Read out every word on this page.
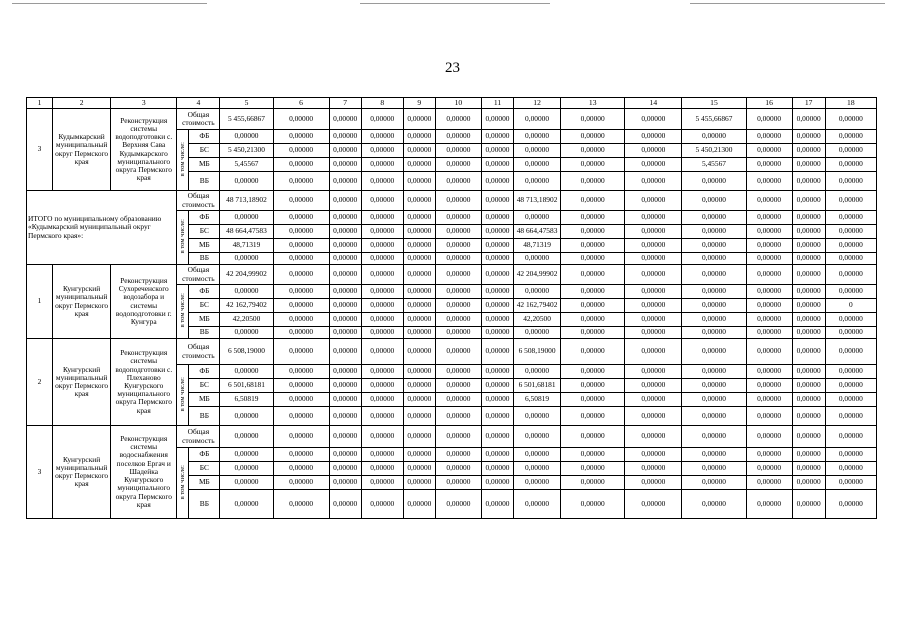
23
1	2	3	4		5	6	7	8	9	10	11	12	13	14	15	16	17	18
3	Кудымкарский муниципальный округ Пермского края	Реконструкция системы водоподготовки с. Верхняя Сава Кудымкарского муниципального округа Пермского края	Общая стоимость		5 455,66867	0,00000	0,00000	0,00000	0,00000	0,00000	0,00000	0,00000	0,00000	0,00000	5 455,66867	0,00000	0,00000	0,00000
			в том числе:	ФБ	0,00000	0,00000	0,00000	0,00000	0,00000	0,00000	0,00000	0,00000	0,00000	0,00000	0,00000	0,00000	0,00000	0,00000
				БС	5 450,21300	0,00000	0,00000	0,00000	0,00000	0,00000	0,00000	0,00000	0,00000	0,00000	5 450,21300	0,00000	0,00000	0,00000
				МБ	5,45567	0,00000	0,00000	0,00000	0,00000	0,00000	0,00000	0,00000	0,00000	0,00000	5,45567	0,00000	0,00000	0,00000
				ВБ	0,00000	0,00000	0,00000	0,00000	0,00000	0,00000	0,00000	0,00000	0,00000	0,00000	0,00000	0,00000	0,00000	0,00000
ИТОГО по муниципальному образованию «Кудымкарский муниципальный округ Пермского края»:			Общая стоимость		48 713,18902	0,00000	0,00000	0,00000	0,00000	0,00000	0,00000	48 713,18902	0,00000	0,00000	0,00000	0,00000	0,00000	0,00000
			в том числе:	ФБ	0,00000	0,00000	0,00000	0,00000	0,00000	0,00000	0,00000	0,00000	0,00000	0,00000	0,00000	0,00000	0,00000	0,00000
				БС	48 664,47583	0,00000	0,00000	0,00000	0,00000	0,00000	0,00000	48 664,47583	0,00000	0,00000	0,00000	0,00000	0,00000	0,00000
				МБ	48,71319	0,00000	0,00000	0,00000	0,00000	0,00000	0,00000	48,71319	0,00000	0,00000	0,00000	0,00000	0,00000	0,00000
				ВБ	0,00000	0,00000	0,00000	0,00000	0,00000	0,00000	0,00000	0,00000	0,00000	0,00000	0,00000	0,00000	0,00000	0,00000
1	Кунгурский муниципальный округ Пермского края	Реконструкция Сухореченского водозабора и системы водоподготовки г. Кунгура	Общая стоимость		42 204,99902	0,00000	0,00000	0,00000	0,00000	0,00000	0,00000	42 204,99902	0,00000	0,00000	0,00000	0,00000	0,00000	0,00000
			в том числе:	ФБ	0,00000	0,00000	0,00000	0,00000	0,00000	0,00000	0,00000	0,00000	0,00000	0,00000	0,00000	0,00000	0,00000	0,00000
				БС	42 162,79402	0,00000	0,00000	0,00000	0,00000	0,00000	0,00000	42 162,79402	0,00000	0,00000	0,00000	0,00000	0,00000	0
				МБ	42,20500	0,00000	0,00000	0,00000	0,00000	0,00000	0,00000	42,20500	0,00000	0,00000	0,00000	0,00000	0,00000	0,00000
				ВБ	0,00000	0,00000	0,00000	0,00000	0,00000	0,00000	0,00000	0,00000	0,00000	0,00000	0,00000	0,00000	0,00000	0,00000
2	Кунгурский муниципальный округ Пермского края	Реконструкция системы водоподготовки с. Плеханово Кунгурского муниципального округа Пермского края	Общая стоимость		6 508,19000	0,00000	0,00000	0,00000	0,00000	0,00000	0,00000	6 508,19000	0,00000	0,00000	0,00000	0,00000	0,00000	0,00000
			в том числе:	ФБ	0,00000	0,00000	0,00000	0,00000	0,00000	0,00000	0,00000	0,00000	0,00000	0,00000	0,00000	0,00000	0,00000	0,00000
				БС	6 501,68181	0,00000	0,00000	0,00000	0,00000	0,00000	0,00000	6 501,68181	0,00000	0,00000	0,00000	0,00000	0,00000	0,00000
				МБ	6,50819	0,00000	0,00000	0,00000	0,00000	0,00000	0,00000	6,50819	0,00000	0,00000	0,00000	0,00000	0,00000	0,00000
				ВБ	0,00000	0,00000	0,00000	0,00000	0,00000	0,00000	0,00000	0,00000	0,00000	0,00000	0,00000	0,00000	0,00000	0,00000
3	Кунгурский муниципальный округ Пермского края	Реконструкция системы водоснабжения поселков Ергач и Шадейка Кунгурского муниципального округа Пермского края	Общая стоимость		0,00000	0,00000	0,00000	0,00000	0,00000	0,00000	0,00000	0,00000	0,00000	0,00000	0,00000	0,00000	0,00000	0,00000
			в том числе:	ФБ	0,00000	0,00000	0,00000	0,00000	0,00000	0,00000	0,00000	0,00000	0,00000	0,00000	0,00000	0,00000	0,00000	0,00000
				БС	0,00000	0,00000	0,00000	0,00000	0,00000	0,00000	0,00000	0,00000	0,00000	0,00000	0,00000	0,00000	0,00000	0,00000
				МБ	0,00000	0,00000	0,00000	0,00000	0,00000	0,00000	0,00000	0,00000	0,00000	0,00000	0,00000	0,00000	0,00000	0,00000
				ВБ	0,00000	0,00000	0,00000	0,00000	0,00000	0,00000	0,00000	0,00000	0,00000	0,00000	0,00000	0,00000	0,00000	0,00000
